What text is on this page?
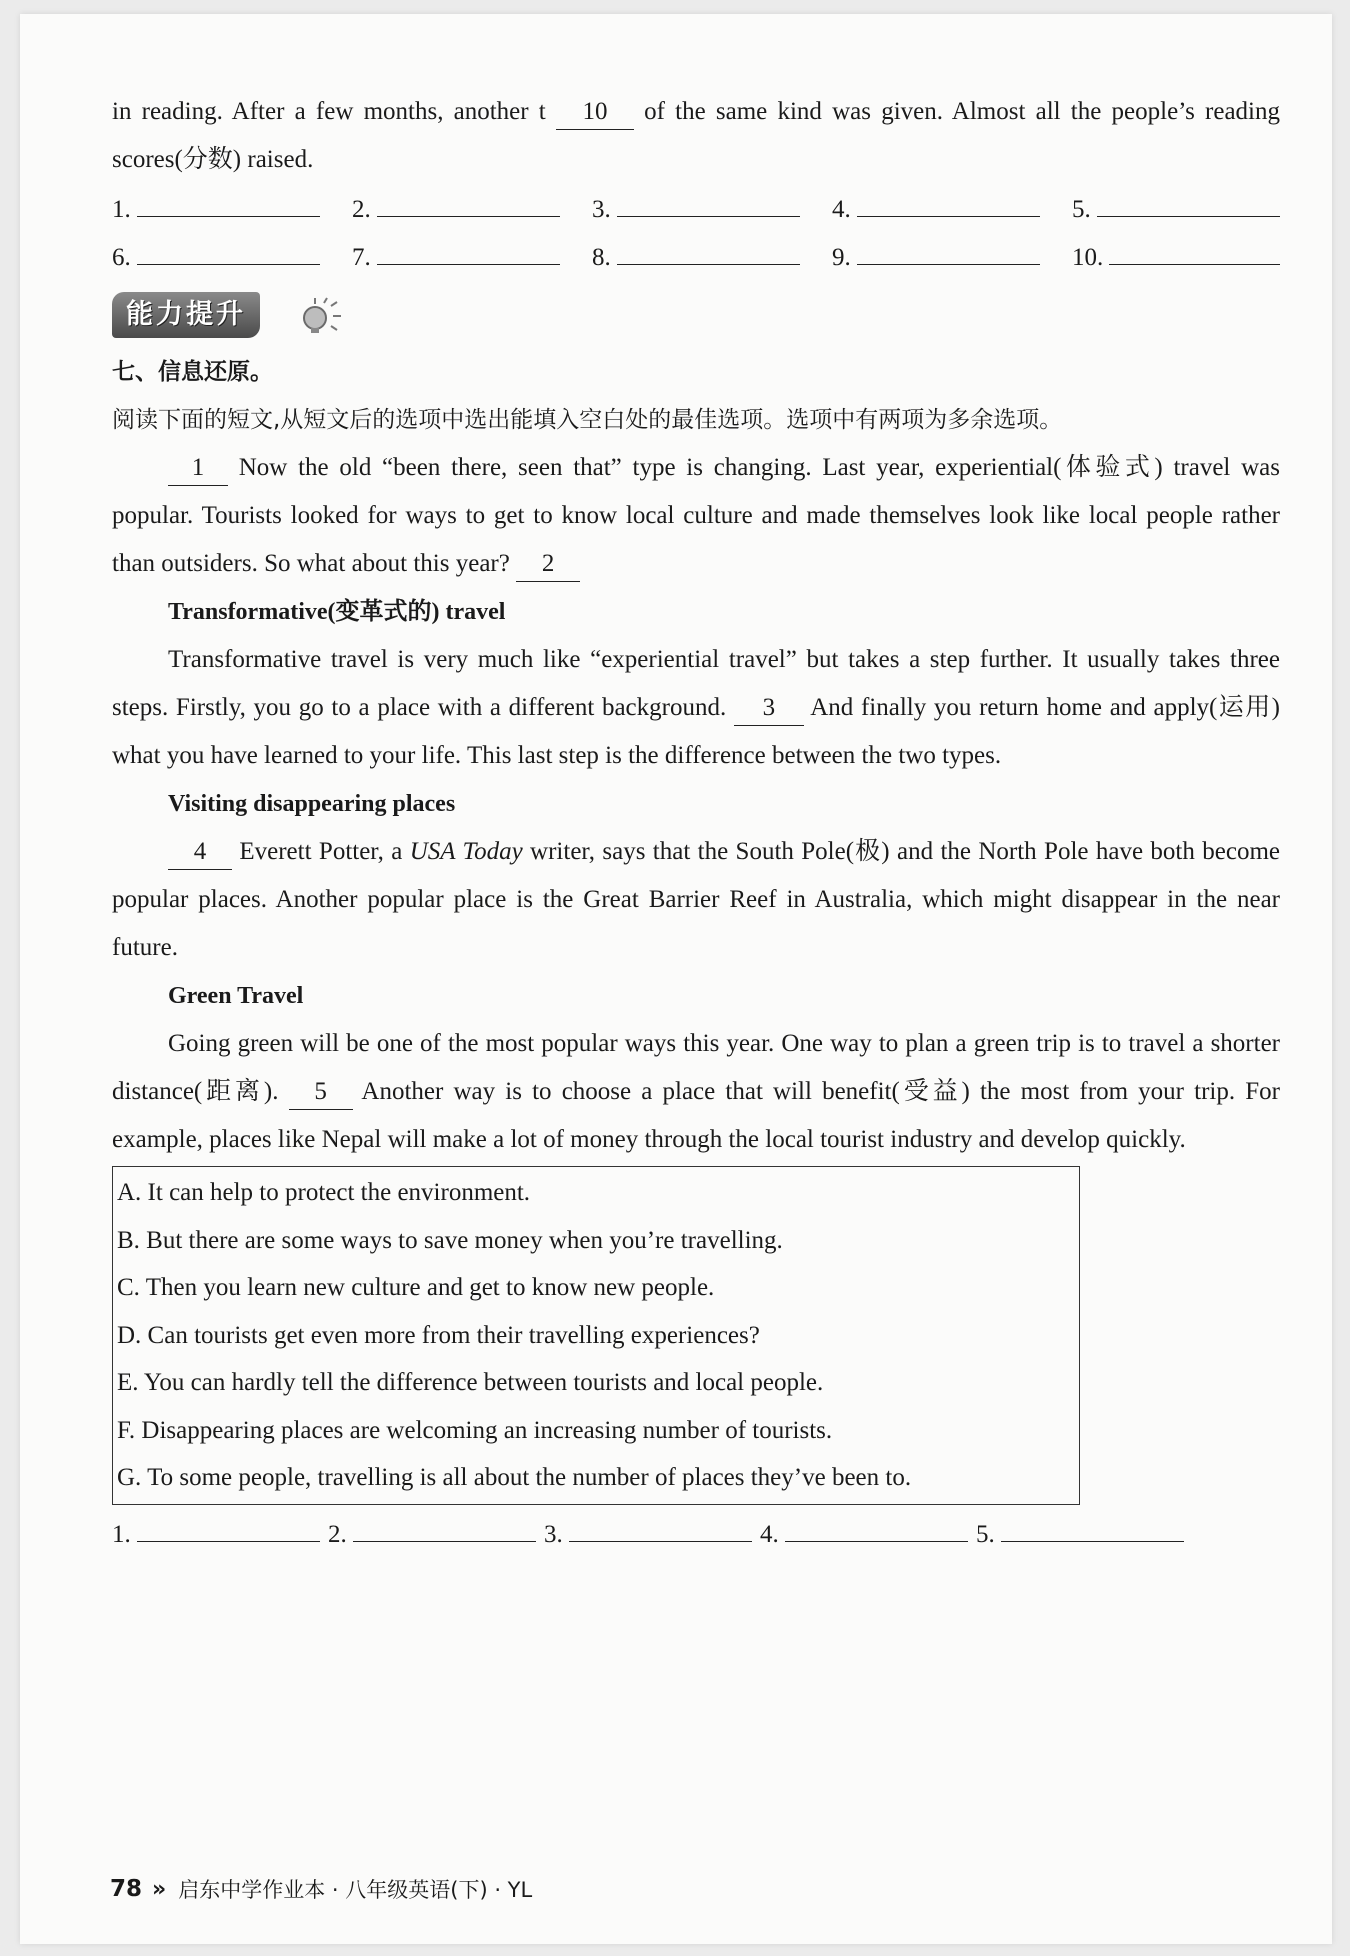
in reading. After a few months, another t 10 of the same kind was given. Almost all the people’s reading scores(分数) raised.
1.	2.	3.	4.	5.
6.	7.	8.	9.	10.
能力提升
七、信息还原。
阅读下面的短文,从短文后的选项中选出能填入空白处的最佳选项。选项中有两项为多余选项。
1 Now the old “been there, seen that” type is changing. Last year, experiential(体验式) travel was popular. Tourists looked for ways to get to know local culture and made themselves look like local people rather than outsiders. So what about this year? 2
Transformative(变革式的) travel
Transformative travel is very much like “experiential travel” but takes a step further. It usually takes three steps. Firstly, you go to a place with a different background. 3 And finally you return home and apply(运用) what you have learned to your life. This last step is the difference between the two types.
Visiting disappearing places
4 Everett Potter, a USA Today writer, says that the South Pole(极) and the North Pole have both become popular places. Another popular place is the Great Barrier Reef in Australia, which might disappear in the near future.
Green Travel
Going green will be one of the most popular ways this year. One way to plan a green trip is to travel a shorter distance(距离). 5 Another way is to choose a place that will benefit(受益) the most from your trip. For example, places like Nepal will make a lot of money through the local tourist industry and develop quickly.
A. It can help to protect the environment.
B. But there are some ways to save money when you’re travelling.
C. Then you learn new culture and get to know new people.
D. Can tourists get even more from their travelling experiences?
E. You can hardly tell the difference between tourists and local people.
F. Disappearing places are welcoming an increasing number of tourists.
G. To some people, travelling is all about the number of places they’ve been to.
1.	2.	3.	4.	5.
78 » 启东中学作业本 · 八年级英语(下) · YL
